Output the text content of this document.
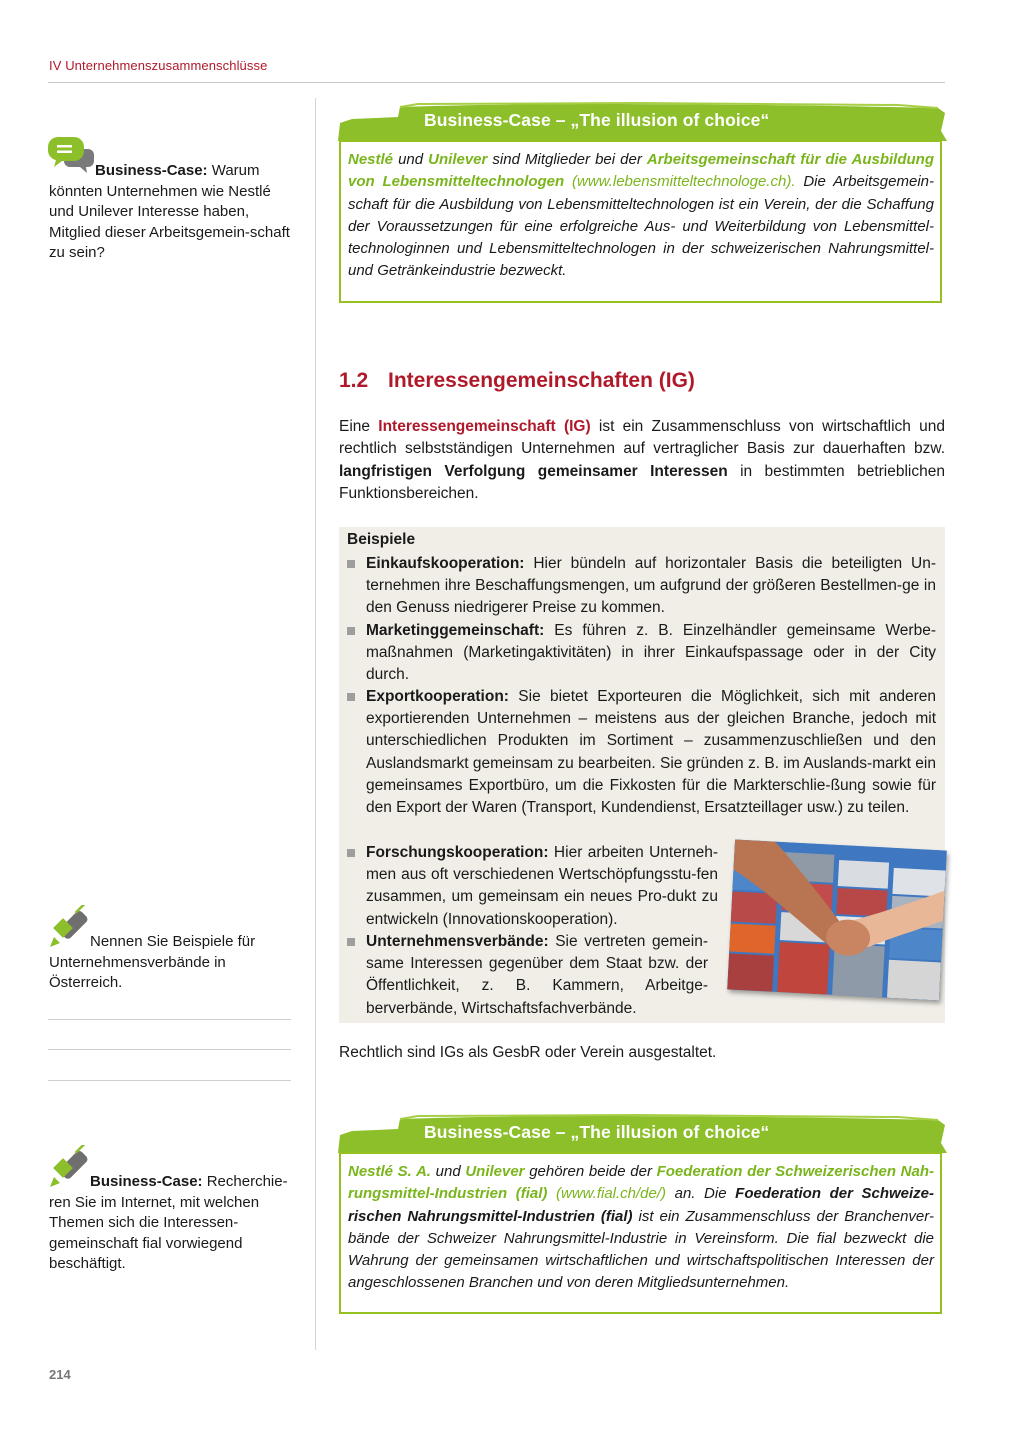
IV Unternehmenszusammenschlüsse
Business-Case: Warum könnten Unternehmen wie Nestlé und Unilever Interesse haben, Mitglied dieser Arbeitsgemein-schaft zu sein?
Nennen Sie Beispiele für Unternehmensverbände in Österreich.
Business-Case: Recherchie-ren Sie im Internet, mit welchen Themen sich die Interessen-gemeinschaft fial vorwiegend beschäftigt.
Business-Case – „The illusion of choice“
Nestlé und Unilever sind Mitglieder bei der Arbeitsgemeinschaft für die Ausbildung von Lebensmitteltechnologen (www.lebensmitteltechnologe.ch). Die Arbeitsgemein-schaft für die Ausbildung von Lebensmitteltechnologen ist ein Verein, der die Schaffung der Voraussetzungen für eine erfolgreiche Aus- und Weiterbildung von Lebensmittel-technologinnen und Lebensmitteltechnologen in der schweizerischen Nahrungsmittel- und Getränkeindustrie bezweckt.
1.2 Interessengemeinschaften (IG)
Eine Interessengemeinschaft (IG) ist ein Zusammenschluss von wirtschaftlich und rechtlich selbstständigen Unternehmen auf vertraglicher Basis zur dauerhaften bzw. langfristigen Verfolgung gemeinsamer Interessen in bestimmten betrieblichen Funktionsbereichen.
Beispiele
Einkaufskooperation: Hier bündeln auf horizontaler Basis die beteiligten Un-ternehmen ihre Beschaffungsmengen, um aufgrund der größeren Bestellmen-ge in den Genuss niedrigerer Preise zu kommen.
Marketinggemeinschaft: Es führen z. B. Einzelhändler gemeinsame Werbe-maßnahmen (Marketingaktivitäten) in ihrer Einkaufspassage oder in der City durch.
Exportkooperation: Sie bietet Exporteuren die Möglichkeit, sich mit anderen exportierenden Unternehmen – meistens aus der gleichen Branche, jedoch mit unterschiedlichen Produkten im Sortiment – zusammenzuschließen und den Auslandsmarkt gemeinsam zu bearbeiten. Sie gründen z. B. im Auslands-markt ein gemeinsames Exportbüro, um die Fixkosten für die Markterschlie-ßung sowie für den Export der Waren (Transport, Kundendienst, Ersatzteillager usw.) zu teilen.
Forschungskooperation: Hier arbeiten Unterneh-men aus oft verschiedenen Wertschöpfungsstu-fen zusammen, um gemeinsam ein neues Pro-dukt zu entwickeln (Innovationskooperation).
Unternehmensverbände: Sie vertreten gemein-same Interessen gegenüber dem Staat bzw. der Öffentlichkeit, z. B. Kammern, Arbeitge-berverbände, Wirtschaftsfachverbände.
Rechtlich sind IGs als GesbR oder Verein ausgestaltet.
Business-Case – „The illusion of choice“
Nestlé S. A. und Unilever gehören beide der Foederation der Schweizerischen Nah-rungsmittel-Industrien (fial) (www.fial.ch/de/) an. Die Foederation der Schweize-rischen Nahrungsmittel-Industrien (fial) ist ein Zusammenschluss der Branchenver-bände der Schweizer Nahrungsmittel-Industrie in Vereinsform. Die fial bezweckt die Wahrung der gemeinsamen wirtschaftlichen und wirtschaftspolitischen Interessen der angeschlossenen Branchen und von deren Mitgliedsunternehmen.
214
